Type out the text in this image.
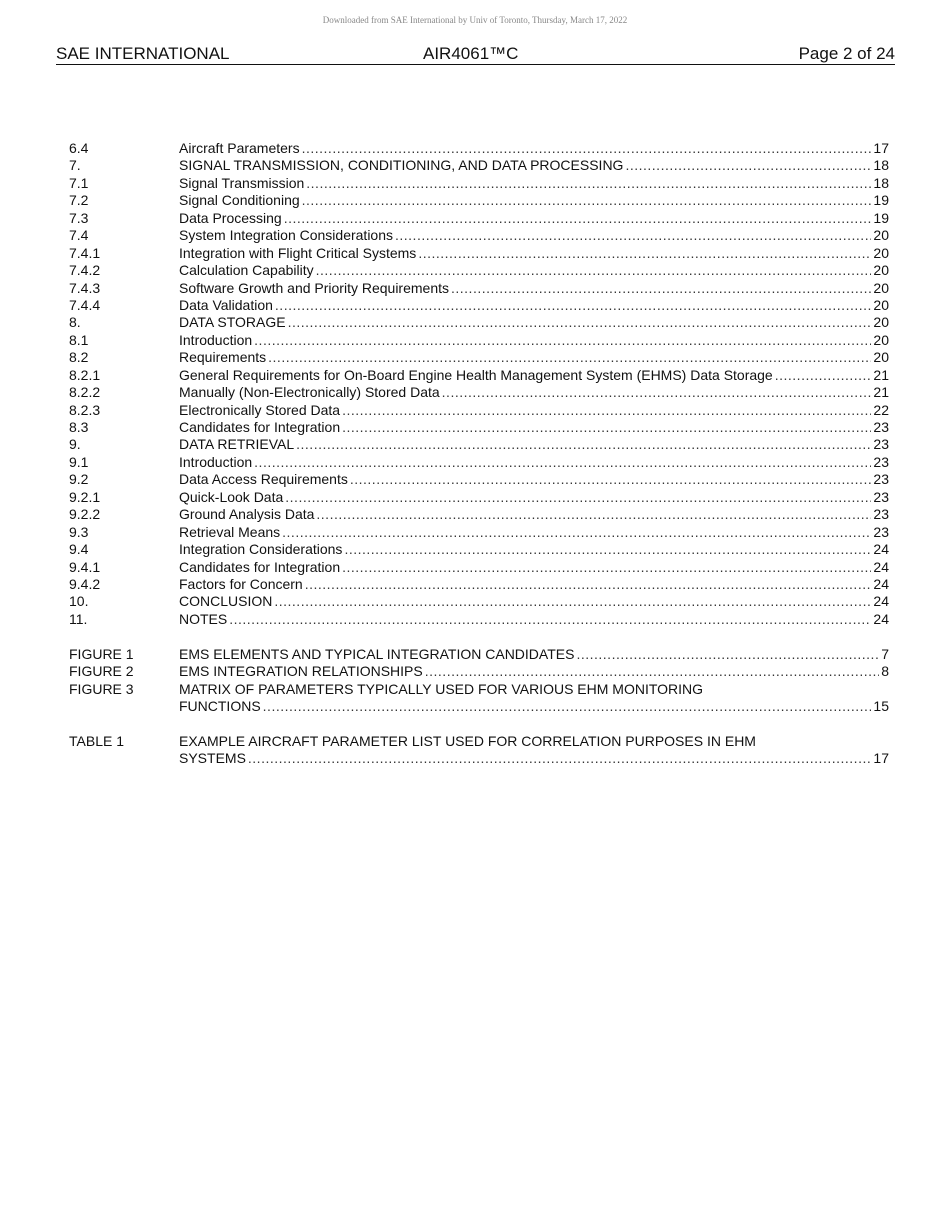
Downloaded from SAE International by Univ of Toronto, Thursday, March 17, 2022
SAE INTERNATIONAL	AIR4061™C	Page 2 of 24
6.4	Aircraft Parameters .....	17
7.	SIGNAL TRANSMISSION, CONDITIONING, AND DATA PROCESSING .....	18
7.1	Signal Transmission .....	18
7.2	Signal Conditioning .....	19
7.3	Data Processing .....	19
7.4	System Integration Considerations .....	20
7.4.1	Integration with Flight Critical Systems .....	20
7.4.2	Calculation Capability .....	20
7.4.3	Software Growth and Priority Requirements .....	20
7.4.4	Data Validation .....	20
8.	DATA STORAGE .....	20
8.1	Introduction .....	20
8.2	Requirements .....	20
8.2.1	General Requirements for On-Board Engine Health Management System (EHMS) Data Storage .....	21
8.2.2	Manually (Non-Electronically) Stored Data .....	21
8.2.3	Electronically Stored Data .....	22
8.3	Candidates for Integration .....	23
9.	DATA RETRIEVAL .....	23
9.1	Introduction .....	23
9.2	Data Access Requirements .....	23
9.2.1	Quick-Look Data .....	23
9.2.2	Ground Analysis Data .....	23
9.3	Retrieval Means .....	23
9.4	Integration Considerations .....	24
9.4.1	Candidates for Integration .....	24
9.4.2	Factors for Concern .....	24
10.	CONCLUSION .....	24
11.	NOTES .....	24
FIGURE 1	EMS ELEMENTS AND TYPICAL INTEGRATION CANDIDATES .....	7
FIGURE 2	EMS INTEGRATION RELATIONSHIPS .....	8
FIGURE 3	MATRIX OF PARAMETERS TYPICALLY USED FOR VARIOUS EHM MONITORING
FUNCTIONS .....	15
TABLE 1	EXAMPLE AIRCRAFT PARAMETER LIST USED FOR CORRELATION PURPOSES IN EHM
SYSTEMS .....	17
